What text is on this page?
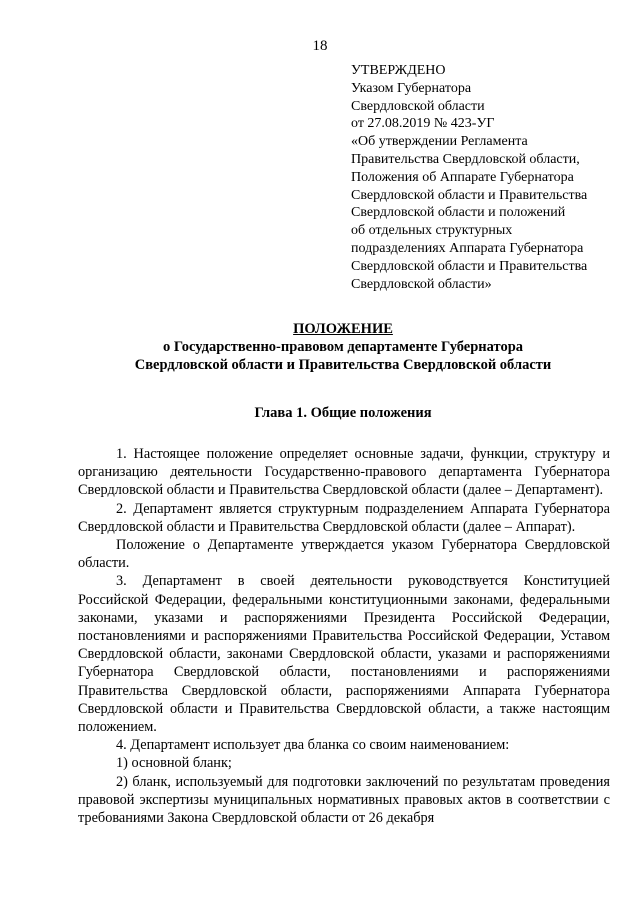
18
УТВЕРЖДЕНО
Указом Губернатора
Свердловской области
от 27.08.2019 № 423-УГ
«Об утверждении Регламента
Правительства Свердловской области,
Положения об Аппарате Губернатора
Свердловской области и Правительства
Свердловской области и положений
об отдельных структурных
подразделениях Аппарата Губернатора
Свердловской области и Правительства
Свердловской области»
ПОЛОЖЕНИЕ
о Государственно-правовом департаменте Губернатора
Свердловской области и Правительства Свердловской области
Глава 1. Общие положения

1. Настоящее положение определяет основные задачи, функции, структуру и организацию деятельности Государственно-правового департамента Губернатора Свердловской области и Правительства Свердловской области (далее – Департамент).

2. Департамент является структурным подразделением Аппарата Губернатора Свердловской области и Правительства Свердловской области (далее – Аппарат).

Положение о Департаменте утверждается указом Губернатора Свердловской области.

3. Департамент в своей деятельности руководствуется Конституцией Российской Федерации, федеральными конституционными законами, федеральными законами, указами и распоряжениями Президента Российской Федерации, постановлениями и распоряжениями Правительства Российской Федерации, Уставом Свердловской области, законами Свердловской области, указами и распоряжениями Губернатора Свердловской области, постановлениями и распоряжениями Правительства Свердловской области, распоряжениями Аппарата Губернатора Свердловской области и Правительства Свердловской области, а также настоящим положением.

4. Департамент использует два бланка со своим наименованием:

1) основной бланк;

2) бланк, используемый для подготовки заключений по результатам проведения правовой экспертизы муниципальных нормативных правовых актов в соответствии с требованиями Закона Свердловской области от 26 декабря
